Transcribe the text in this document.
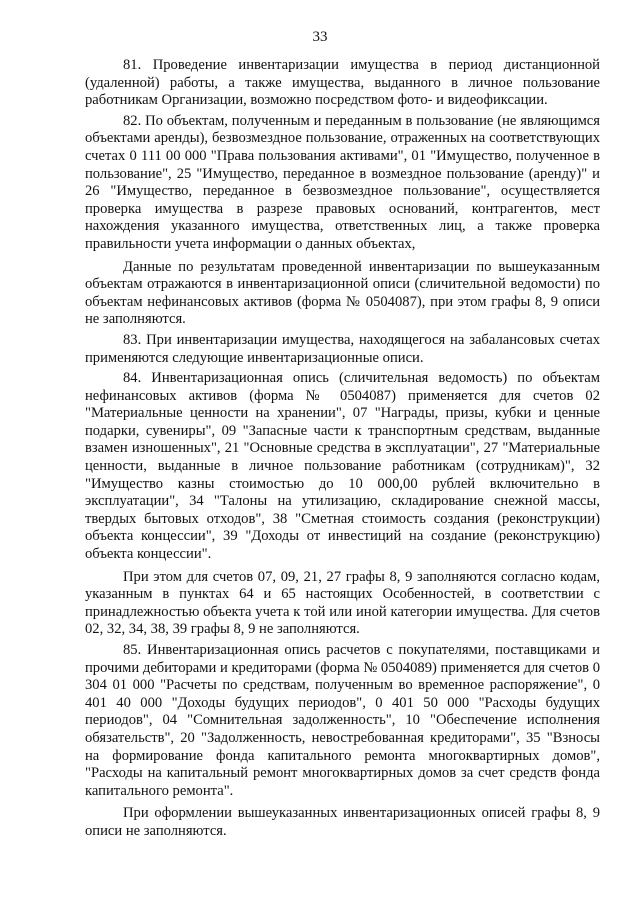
33

81. Проведение инвентаризации имущества в период дистанционной (удаленной) работы, а также имущества, выданного в личное пользование работникам Организации, возможно посредством фото- и видеофиксации.

82. По объектам, полученным и переданным в пользование (не являющимся объектами аренды), безвозмездное пользование, отраженных на соответствующих счетах 0 111 00 000 "Права пользования активами", 01 "Имущество, полученное в пользование", 25 "Имущество, переданное в возмездное пользование (аренду)" и 26 "Имущество, переданное в безвозмездное пользование", осуществляется проверка имущества в разрезе правовых оснований, контрагентов, мест нахождения указанного имущества, ответственных лиц, а также проверка правильности учета информации о данных объектах,

Данные по результатам проведенной инвентаризации по вышеуказанным объектам отражаются в инвентаризационной описи (сличительной ведомости) по объектам нефинансовых активов (форма № 0504087), при этом графы 8, 9 описи не заполняются.

83. При инвентаризации имущества, находящегося на забалансовых счетах применяются следующие инвентаризационные описи.

84. Инвентаризационная опись (сличительная ведомость) по объектам нефинансовых активов (форма № 0504087) применяется для счетов 02 "Материальные ценности на хранении", 07 "Награды, призы, кубки и ценные подарки, сувениры", 09 "Запасные части к транспортным средствам, выданные взамен изношенных", 21 "Основные средства в эксплуатации", 27 "Материальные ценности, выданные в личное пользование работникам (сотрудникам)", 32 "Имущество казны стоимостью до 10 000,00 рублей включительно в эксплуатации", 34 "Талоны на утилизацию, складирование снежной массы, твердых бытовых отходов", 38 "Сметная стоимость создания (реконструкции) объекта концессии", 39 "Доходы от инвестиций на создание (реконструкцию) объекта концессии".

При этом для счетов 07, 09, 21, 27 графы 8, 9 заполняются согласно кодам, указанным в пунктах 64 и 65 настоящих Особенностей, в соответствии с принадлежностью объекта учета к той или иной категории имущества. Для счетов 02, 32, 34, 38, 39 графы 8, 9 не заполняются.

85. Инвентаризационная опись расчетов с покупателями, поставщиками и прочими дебиторами и кредиторами (форма № 0504089) применяется для счетов 0 304 01 000 "Расчеты по средствам, полученным во временное распоряжение", 0 401 40 000 "Доходы будущих периодов", 0 401 50 000 "Расходы будущих периодов", 04 "Сомнительная задолженность", 10 "Обеспечение исполнения обязательств", 20 "Задолженность, невостребованная кредиторами", 35 "Взносы на формирование фонда капитального ремонта многоквартирных домов", "Расходы на капитальный ремонт многоквартирных домов за счет средств фонда капитального ремонта".

При оформлении вышеуказанных инвентаризационных описей графы 8, 9 описи не заполняются.
